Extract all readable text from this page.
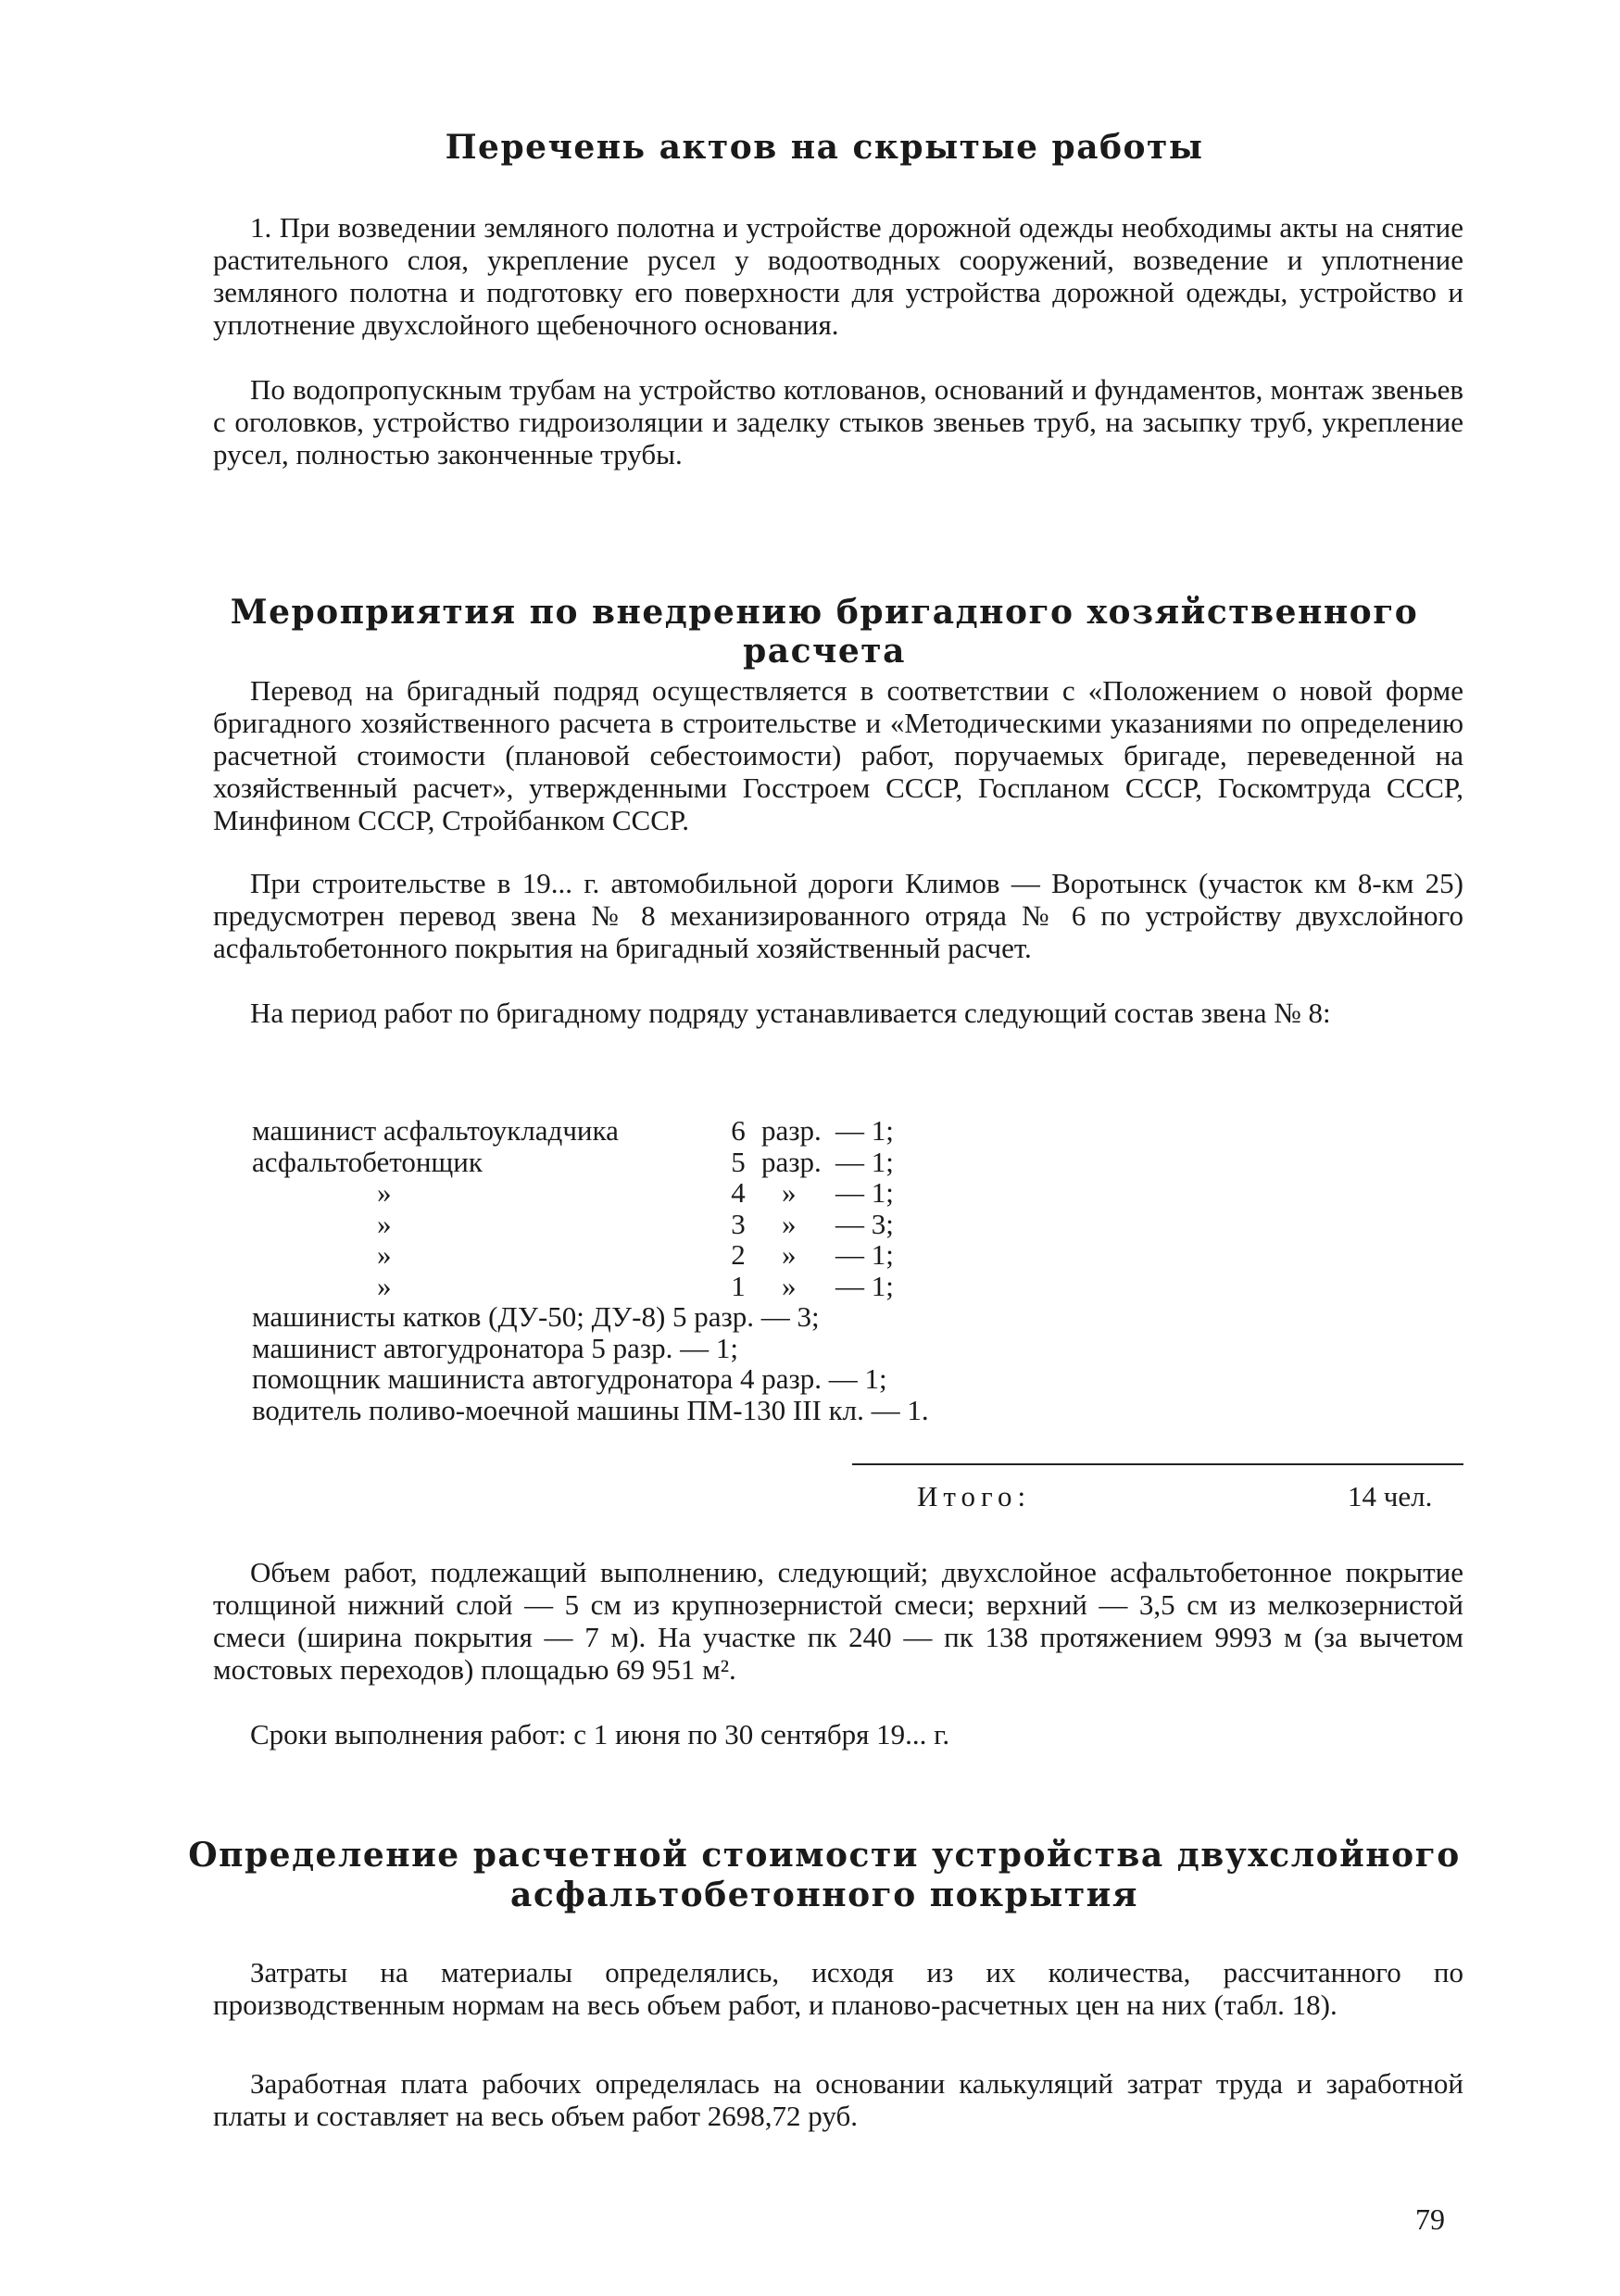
Перечень актов на скрытые работы

1. При возведении земляного полотна и устройстве дорожной одежды необходимы акты на снятие растительного слоя, укрепление русел у водоотводных сооружений, возведение и уплотнение земляного полотна и подготовку его поверхности для устройства дорожной одежды, устройство и уплотнение двухслойного щебеночного основания.

По водопропускным трубам на устройство котлованов, оснований и фундаментов, монтаж звеньев с оголовков, устройство гидроизоляции и заделку стыков звеньев труб, на засыпку труб, укрепление русел, полностью законченные трубы.

Мероприятия по внедрению бригадного хозяйственного расчета

Перевод на бригадный подряд осуществляется в соответствии с «Положением о новой форме бригадного хозяйственного расчета в строительстве и «Методическими указаниями по определению расчетной стоимости (плановой себестоимости) работ, поручаемых бригаде, переведенной на хозяйственный расчет», утвержденными Госстроем СССР, Госпланом СССР, Госкомтруда СССР, Минфином СССР, Стройбанком СССР.

При строительстве в 19... г. автомобильной дороги Климов — Воротынск (участок км 8-км 25) предусмотрен перевод звена № 8 механизированного отряда № 6 по устройству двухслойного асфальтобетонного покрытия на бригадный хозяйственный расчет.

На период работ по бригадному подряду устанавливается следующий состав звена № 8:

машинист асфальтоукладчика	6 разр. — 1;
асфальтобетонщик	5 разр. — 1;
»	4	» — 1;
»	3	» — 3;
»	2	» — 1;
»	1	» — 1;
машинисты катков (ДУ-50; ДУ-8) 5 разр. — 3;
машинист автогудронатора 5 разр. — 1;
помощник машиниста автогудронатора 4 разр. — 1;
водитель поливо-моечной машины ПМ-130 III кл. — 1.
Итого:	14 чел.

Объем работ, подлежащий выполнению, следующий; двухслойное асфальтобетонное покрытие толщиной нижний слой — 5 см из крупнозернистой смеси; верхний — 3,5 см из мелкозернистой смеси (ширина покрытия — 7 м). На участке пк 240 — пк 138 протяжением 9993 м (за вычетом мостовых переходов) площадью 69 951 м².

Сроки выполнения работ: с 1 июня по 30 сентября 19... г.

Определение расчетной стоимости устройства двухслойного
асфальтобетонного покрытия

Затраты на материалы определялись, исходя из их количества, рассчитанного по производственным нормам на весь объем работ, и планово-расчетных цен на них (табл. 18).

Заработная плата рабочих определялась на основании калькуляций затрат труда и заработной платы и составляет на весь объем работ 2698,72 руб.

79
